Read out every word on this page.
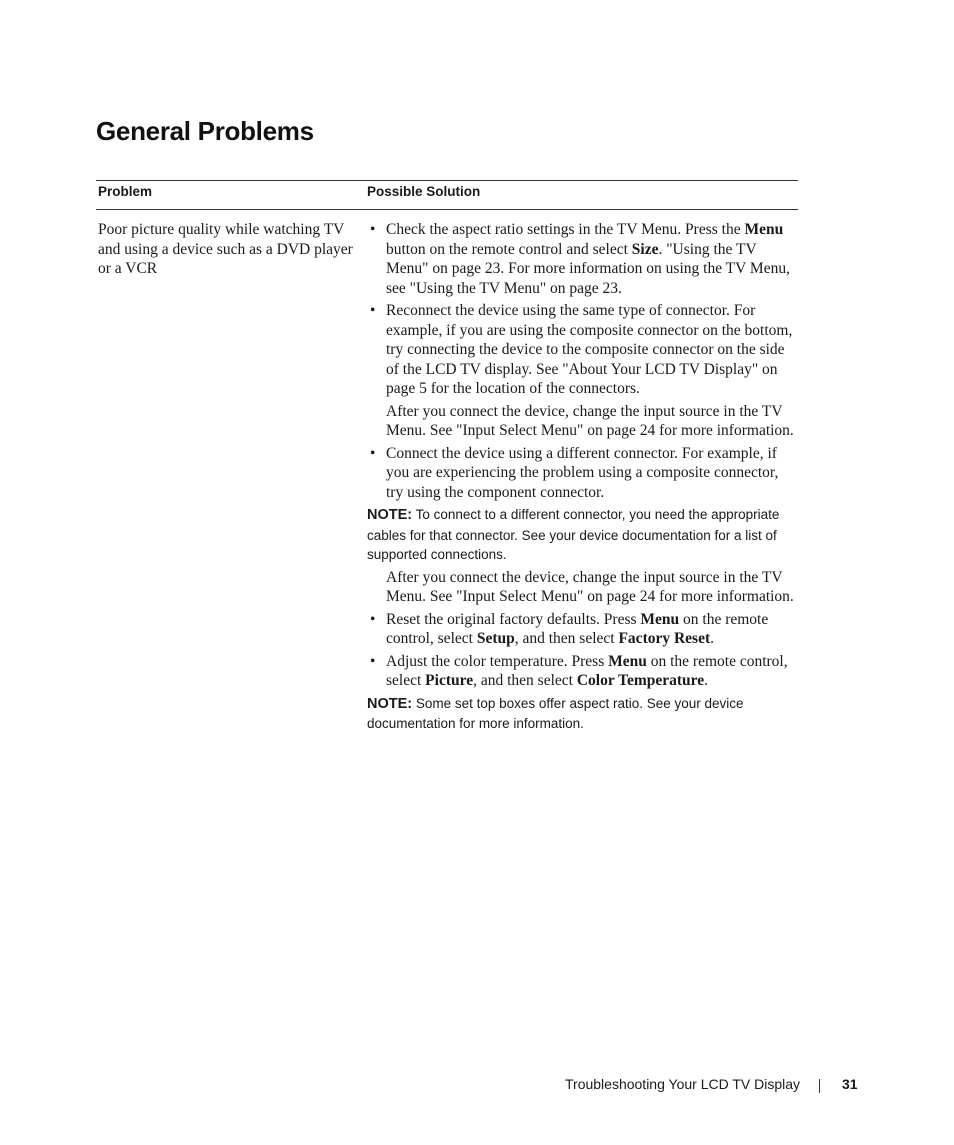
General Problems
Problem	Possible Solution
Poor picture quality while watching TV and using a device such as a DVD player or a VCR
• Check the aspect ratio settings in the TV Menu. Press the Menu button on the remote control and select Size. "Using the TV Menu" on page 23. For more information on using the TV Menu, see "Using the TV Menu" on page 23.
• Reconnect the device using the same type of connector. For example, if you are using the composite connector on the bottom, try connecting the device to the composite connector on the side of the LCD TV display. See "About Your LCD TV Display" on page 5 for the location of the connectors.
After you connect the device, change the input source in the TV Menu. See "Input Select Menu" on page 24 for more information.
• Connect the device using a different connector. For example, if you are experiencing the problem using a composite connector, try using the component connector.
NOTE: To connect to a different connector, you need the appropriate cables for that connector. See your device documentation for a list of supported connections.
After you connect the device, change the input source in the TV Menu. See "Input Select Menu" on page 24 for more information.
• Reset the original factory defaults. Press Menu on the remote control, select Setup, and then select Factory Reset.
• Adjust the color temperature. Press Menu on the remote control, select Picture, and then select Color Temperature.
NOTE: Some set top boxes offer aspect ratio. See your device documentation for more information.
Troubleshooting Your LCD TV Display	31
